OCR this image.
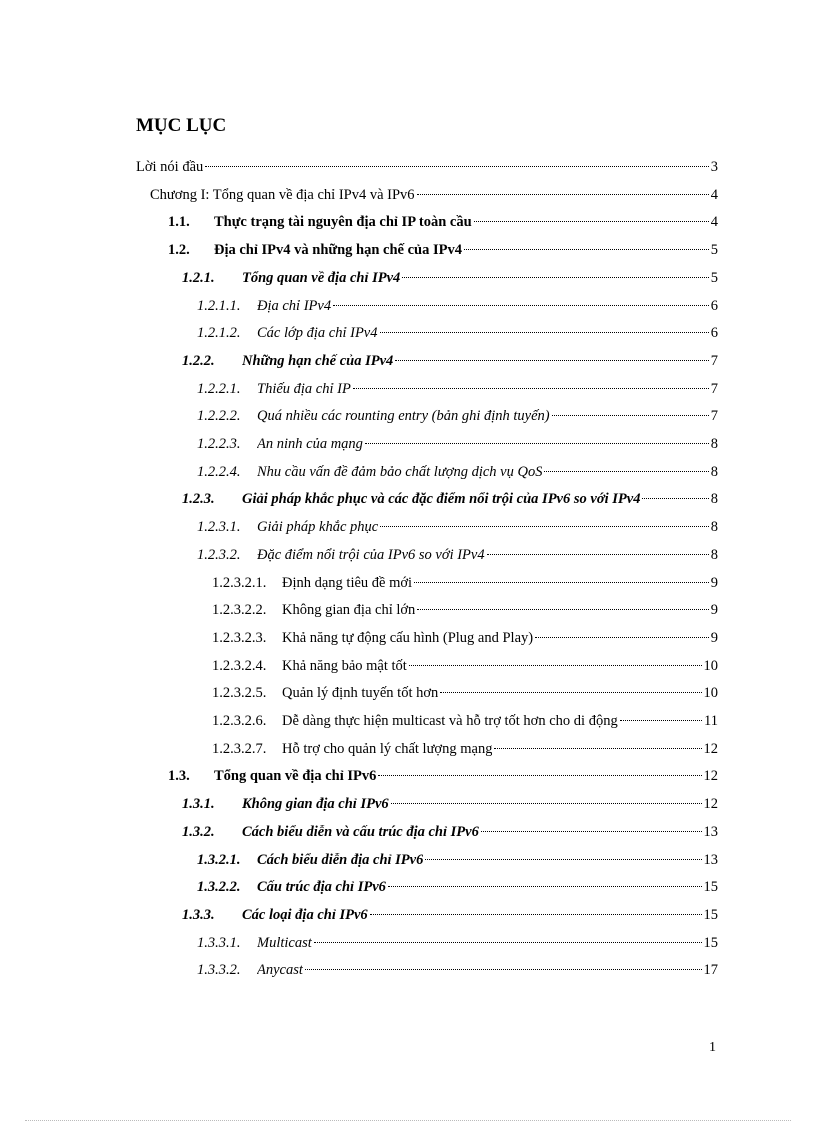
MỤC LỤC
Lời nói đầu	3
Chương I: Tổng quan về địa chỉ IPv4 và IPv6	4
1.1.	Thực trạng tài nguyên địa chỉ IP toàn cầu	4
1.2.	Địa chỉ IPv4 và những hạn chế của IPv4	5
1.2.1.	Tổng quan về địa chỉ IPv4	5
1.2.1.1.	Địa chỉ IPv4	6
1.2.1.2.	Các lớp địa chỉ IPv4	6
1.2.2.	Những hạn chế của IPv4	7
1.2.2.1.	Thiếu địa chỉ IP	7
1.2.2.2.	Quá nhiều các rounting entry (bản ghi định tuyến)	7
1.2.2.3.	An ninh của mạng	8
1.2.2.4.	Nhu cầu vấn đề đảm bảo chất lượng dịch vụ QoS	8
1.2.3.	Giải pháp khắc phục và các đặc điểm nổi trội của IPv6 so với IPv4	8
1.2.3.1.	Giải pháp khắc phục	8
1.2.3.2.	Đặc điểm nổi trội của IPv6 so với IPv4	8
1.2.3.2.1.	Định dạng tiêu đề mới	9
1.2.3.2.2.	Không gian địa chỉ lớn	9
1.2.3.2.3.	Khả năng tự động cấu hình (Plug and Play)	9
1.2.3.2.4.	Khả năng bảo mật tốt	10
1.2.3.2.5.	Quản lý định tuyến tốt hơn	10
1.2.3.2.6.	Dễ dàng thực hiện multicast và hỗ trợ tốt hơn cho di động	11
1.2.3.2.7.	Hỗ trợ cho quản lý chất lượng mạng	12
1.3.	Tổng quan về địa chỉ IPv6	12
1.3.1.	Không gian địa chỉ IPv6	12
1.3.2.	Cách biểu diễn và cấu trúc địa chỉ IPv6	13
1.3.2.1.	Cách biểu diễn địa chỉ IPv6	13
1.3.2.2.	Cấu trúc địa chỉ IPv6	15
1.3.3.	Các loại địa chỉ IPv6	15
1.3.3.1.	Multicast	15
1.3.3.2.	Anycast	17
1
